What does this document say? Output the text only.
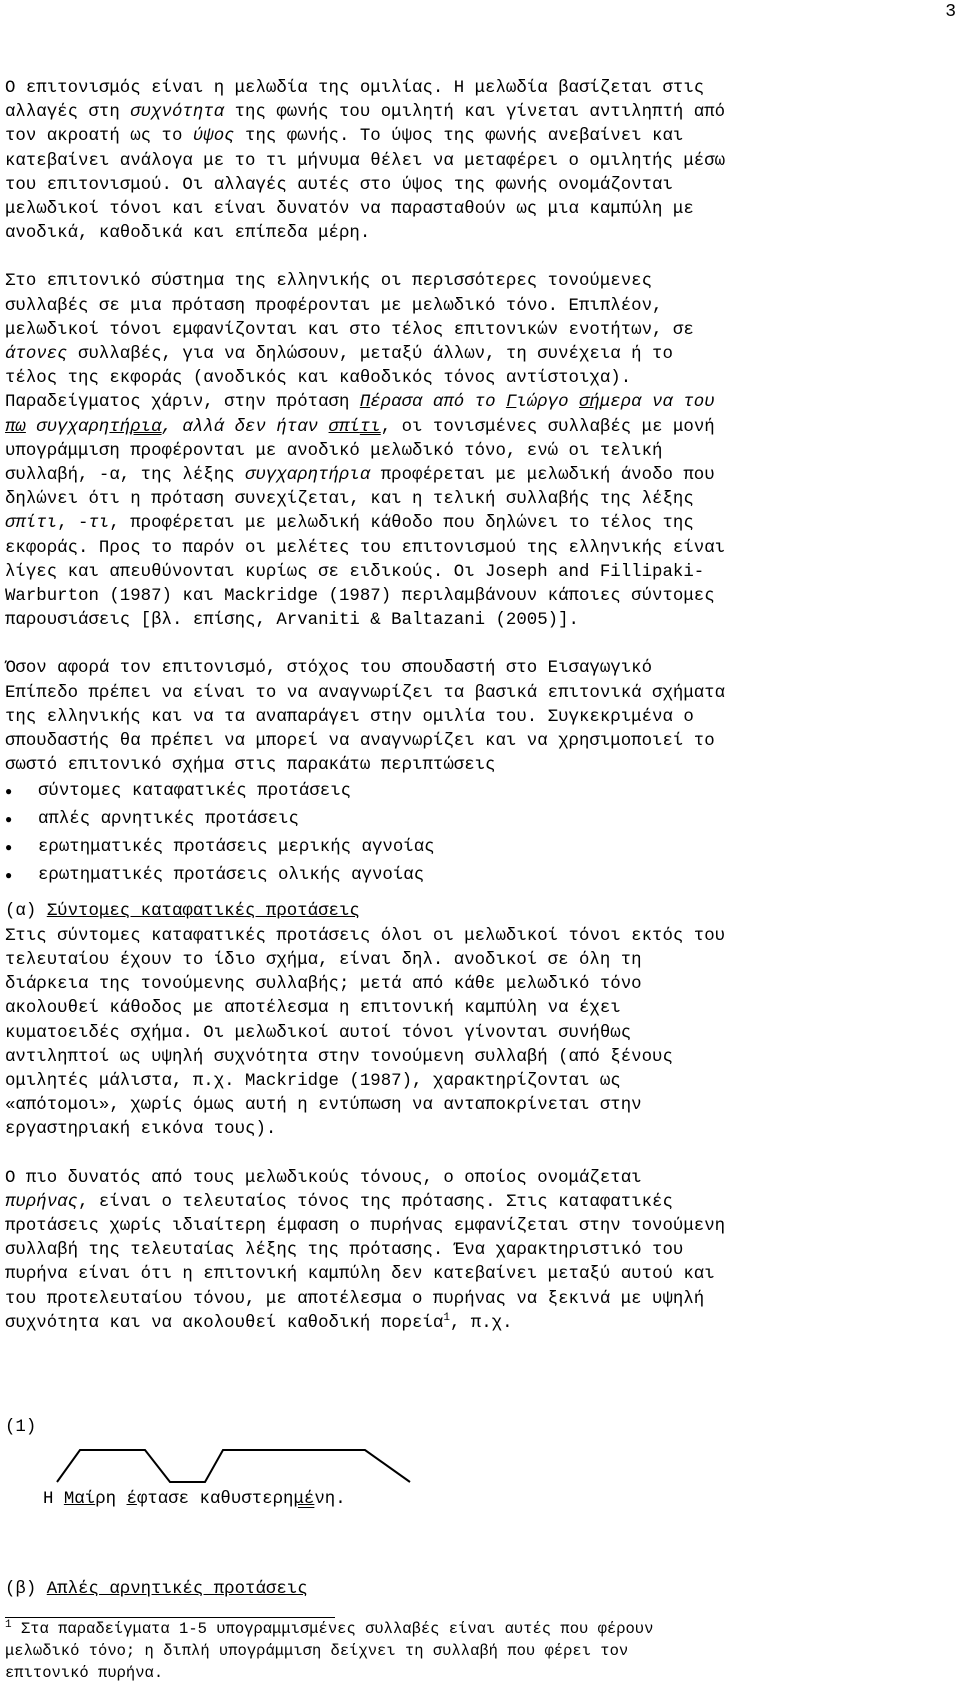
3

Ο επιτονισμός είναι η μελωδία της ομιλίας. Η μελωδία βασίζεται στις

αλλαγές στη συχνότητα της φωνής του ομιλητή και γίνεται αντιληπτή από

τον ακροατή ως το ύψος της φωνής. Το ύψος της φωνής ανεβαίνει και

κατεβαίνει ανάλογα με το τι μήνυμα θέλει να μεταφέρει ο ομιλητής μέσω

του επιτονισμού. Οι αλλαγές αυτές στο ύψος της φωνής ονομάζονται

μελωδικοί τόνοι και είναι δυνατόν να παρασταθούν ως μια καμπύλη με

ανοδικά, καθοδικά και επίπεδα μέρη.

Στο επιτονικό σύστημα της ελληνικής οι περισσότερες τονούμενες

συλλαβές σε μια πρόταση προφέρονται με μελωδικό τόνο. Επιπλέον,

μελωδικοί τόνοι εμφανίζονται και στο τέλος επιτονικών ενοτήτων, σε

άτονες συλλαβές, για να δηλώσουν, μεταξύ άλλων, τη συνέχεια ή το

τέλος της εκφοράς (ανοδικός και καθοδικός τόνος αντίστοιχα).

Παραδείγματος χάριν, στην πρόταση Πέρασα από το Γιώργο σήμερα να του

πω συγχαρητήρια, αλλά δεν ήταν σπίτι, οι τονισμένες συλλαβές με μονή

υπογράμμιση προφέρονται με ανοδικό μελωδικό τόνο, ενώ οι τελική

συλλαβή, -α, της λέξης συγχαρητήρια προφέρεται με μελωδική άνοδο που

δηλώνει ότι η πρόταση συνεχίζεται, και η τελική συλλαβής της λέξης

σπίτι, -τι, προφέρεται με μελωδική κάθοδο που δηλώνει το τέλος της

εκφοράς. Προς το παρόν οι μελέτες του επιτονισμού της ελληνικής είναι

λίγες και απευθύνονται κυρίως σε ειδικούς. Οι Joseph and Fillipaki-

Warburton (1987) και Mackridge (1987) περιλαμβάνουν κάποιες σύντομες

παρουσιάσεις [βλ. επίσης, Arvaniti & Baltazani (2005)].

Όσον αφορά τον επιτονισμό, στόχος του σπουδαστή στο Εισαγωγικό

Επίπεδο πρέπει να είναι το να αναγνωρίζει τα βασικά επιτονικά σχήματα

της ελληνικής και να τα αναπαράγει στην ομιλία του. Συγκεκριμένα ο

σπουδαστής θα πρέπει να μπορεί να αναγνωρίζει και να χρησιμοποιεί το

σωστό επιτονικό σχήμα στις παρακάτω περιπτώσεις

● σύντομες καταφατικές προτάσεις
● απλές αρνητικές προτάσεις
● ερωτηματικές προτάσεις μερικής αγνοίας
● ερωτηματικές προτάσεις ολικής αγνοίας
(α) Σύντομες καταφατικές προτάσεις

Στις σύντομες καταφατικές προτάσεις όλοι οι μελωδικοί τόνοι εκτός του

τελευταίου έχουν το ίδιο σχήμα, είναι δηλ. ανοδικοί σε όλη τη

διάρκεια της τονούμενης συλλαβής; μετά από κάθε μελωδικό τόνο

ακολουθεί κάθοδος με αποτέλεσμα η επιτονική καμπύλη να έχει

κυματοειδές σχήμα. Οι μελωδικοί αυτοί τόνοι γίνονται συνήθως

αντιληπτοί ως υψηλή συχνότητα στην τονούμενη συλλαβή (από ξένους

ομιλητές μάλιστα, π.χ. Mackridge (1987), χαρακτηρίζονται ως

«απότομοι», χωρίς όμως αυτή η εντύπωση να ανταποκρίνεται στην

εργαστηριακή εικόνα τους).

Ο πιο δυνατός από τους μελωδικούς τόνους, ο οποίος ονομάζεται

πυρήνας, είναι ο τελευταίος τόνος της πρότασης. Στις καταφατικές

προτάσεις χωρίς ιδιαίτερη έμφαση ο πυρήνας εμφανίζεται στην τονούμενη

συλλαβή της τελευταίας λέξης της πρότασης. Ένα χαρακτηριστικό του

πυρήνα είναι ότι η επιτονική καμπύλη δεν κατεβαίνει μεταξύ αυτού και

του προτελευταίου τόνου, με αποτέλεσμα ο πυρήνας να ξεκινά με υψηλή

συχνότητα και να ακολουθεί καθοδική πορεία$^1$, π.χ.

(1)
Η Μαίρη έφτασε καθυστερημένη.
(β) Απλές αρνητικές προτάσεις
$^1$ Στα παραδείγματα 1-5 υπογραμμισμένες συλλαβές είναι αυτές που φέρουν
μελωδικό τόνο; η διπλή υπογράμμιση δείχνει τη συλλαβή που φέρει τον
επιτονικό πυρήνα.
